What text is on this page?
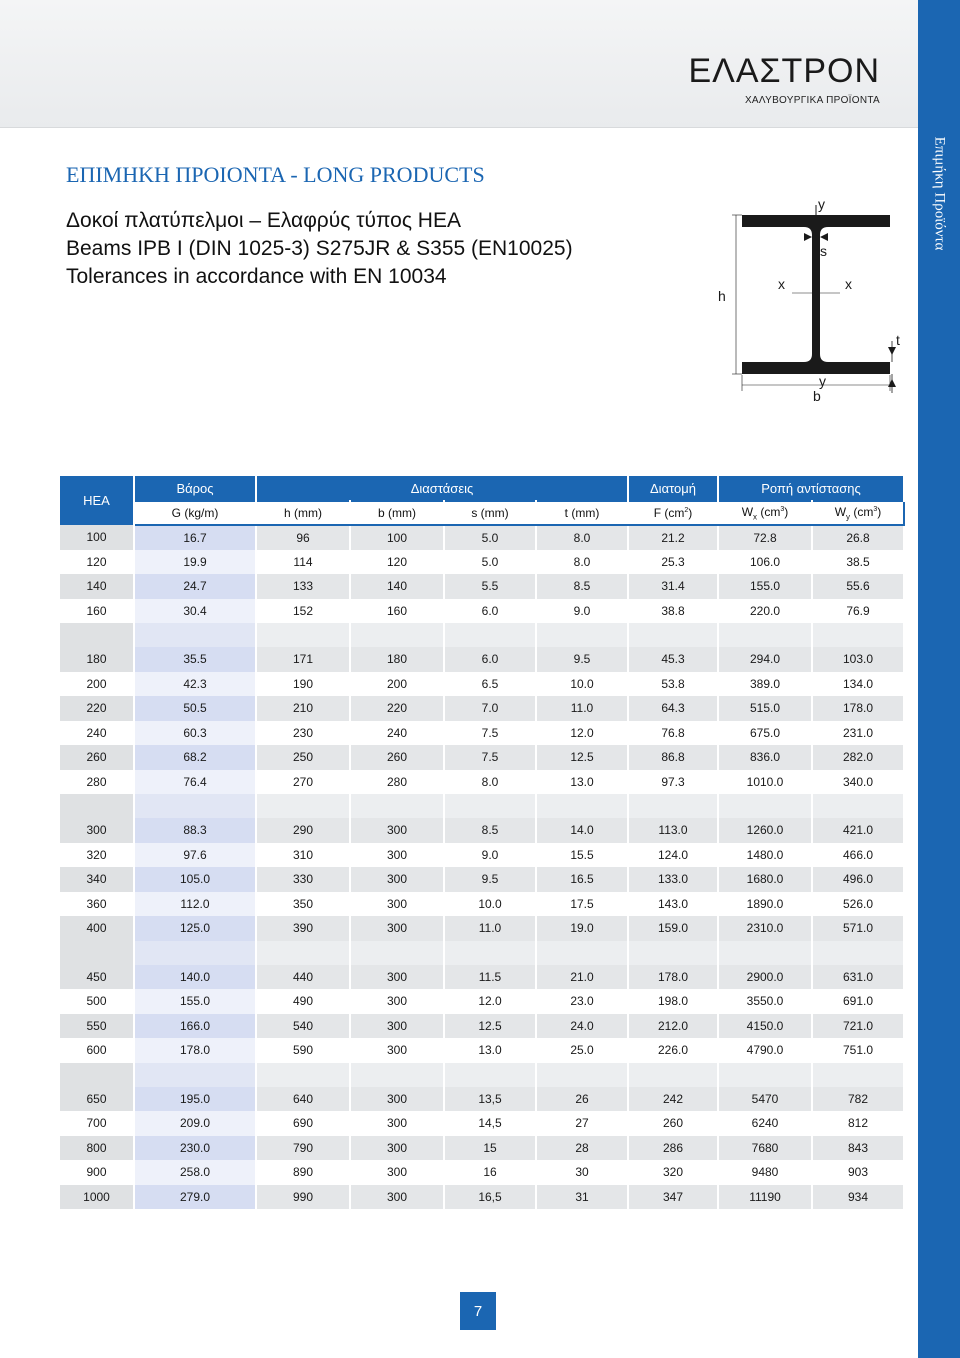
ΕΛΑΣΤΡΟΝ
ΧΑΛΥΒΟΥΡΓΙΚΑ ΠΡΟΪΟΝΤΑ
Επιμήκη Προϊόντα
ΕΠΙΜΗΚΗ ΠΡΟΙΟΝΤΑ - LONG PRODUCTS
Δοκοί πλατύπελμοι – Ελαφρύς τύπος HEA
Beams IPB I (DIN 1025-3) S275JR & S355 (EN10025)
Tolerances in accordance with EN 10034
y
s
x	x
h
y
b
t
HEA	Βάρος	Διαστάσεις				Διατομή	Ροπή αντίστασης	
	G (kg/m)	h (mm)	b (mm)	s (mm)	t (mm)	F $(cm^2)$	$W_x$ $(cm^3)$	$W_y$ $(cm^3)$
100	16.7	96	100	5.0	8.0	21.2	72.8	26.8
120	19.9	114	120	5.0	8.0	25.3	106.0	38.5
140	24.7	133	140	5.5	8.5	31.4	155.0	55.6
160	30.4	152	160	6.0	9.0	38.8	220.0	76.9

180	35.5	171	180	6.0	9.5	45.3	294.0	103.0
200	42.3	190	200	6.5	10.0	53.8	389.0	134.0
220	50.5	210	220	7.0	11.0	64.3	515.0	178.0
240	60.3	230	240	7.5	12.0	76.8	675.0	231.0
260	68.2	250	260	7.5	12.5	86.8	836.0	282.0
280	76.4	270	280	8.0	13.0	97.3	1010.0	340.0

300	88.3	290	300	8.5	14.0	113.0	1260.0	421.0
320	97.6	310	300	9.0	15.5	124.0	1480.0	466.0
340	105.0	330	300	9.5	16.5	133.0	1680.0	496.0
360	112.0	350	300	10.0	17.5	143.0	1890.0	526.0
400	125.0	390	300	11.0	19.0	159.0	2310.0	571.0

450	140.0	440	300	11.5	21.0	178.0	2900.0	631.0
500	155.0	490	300	12.0	23.0	198.0	3550.0	691.0
550	166.0	540	300	12.5	24.0	212.0	4150.0	721.0
600	178.0	590	300	13.0	25.0	226.0	4790.0	751.0

650	195.0	640	300	13,5	26	242	5470	782
700	209.0	690	300	14,5	27	260	6240	812
800	230.0	790	300	15	28	286	7680	843
900	258.0	890	300	16	30	320	9480	903
1000	279.0	990	300	16,5	31	347	11190	934
7
